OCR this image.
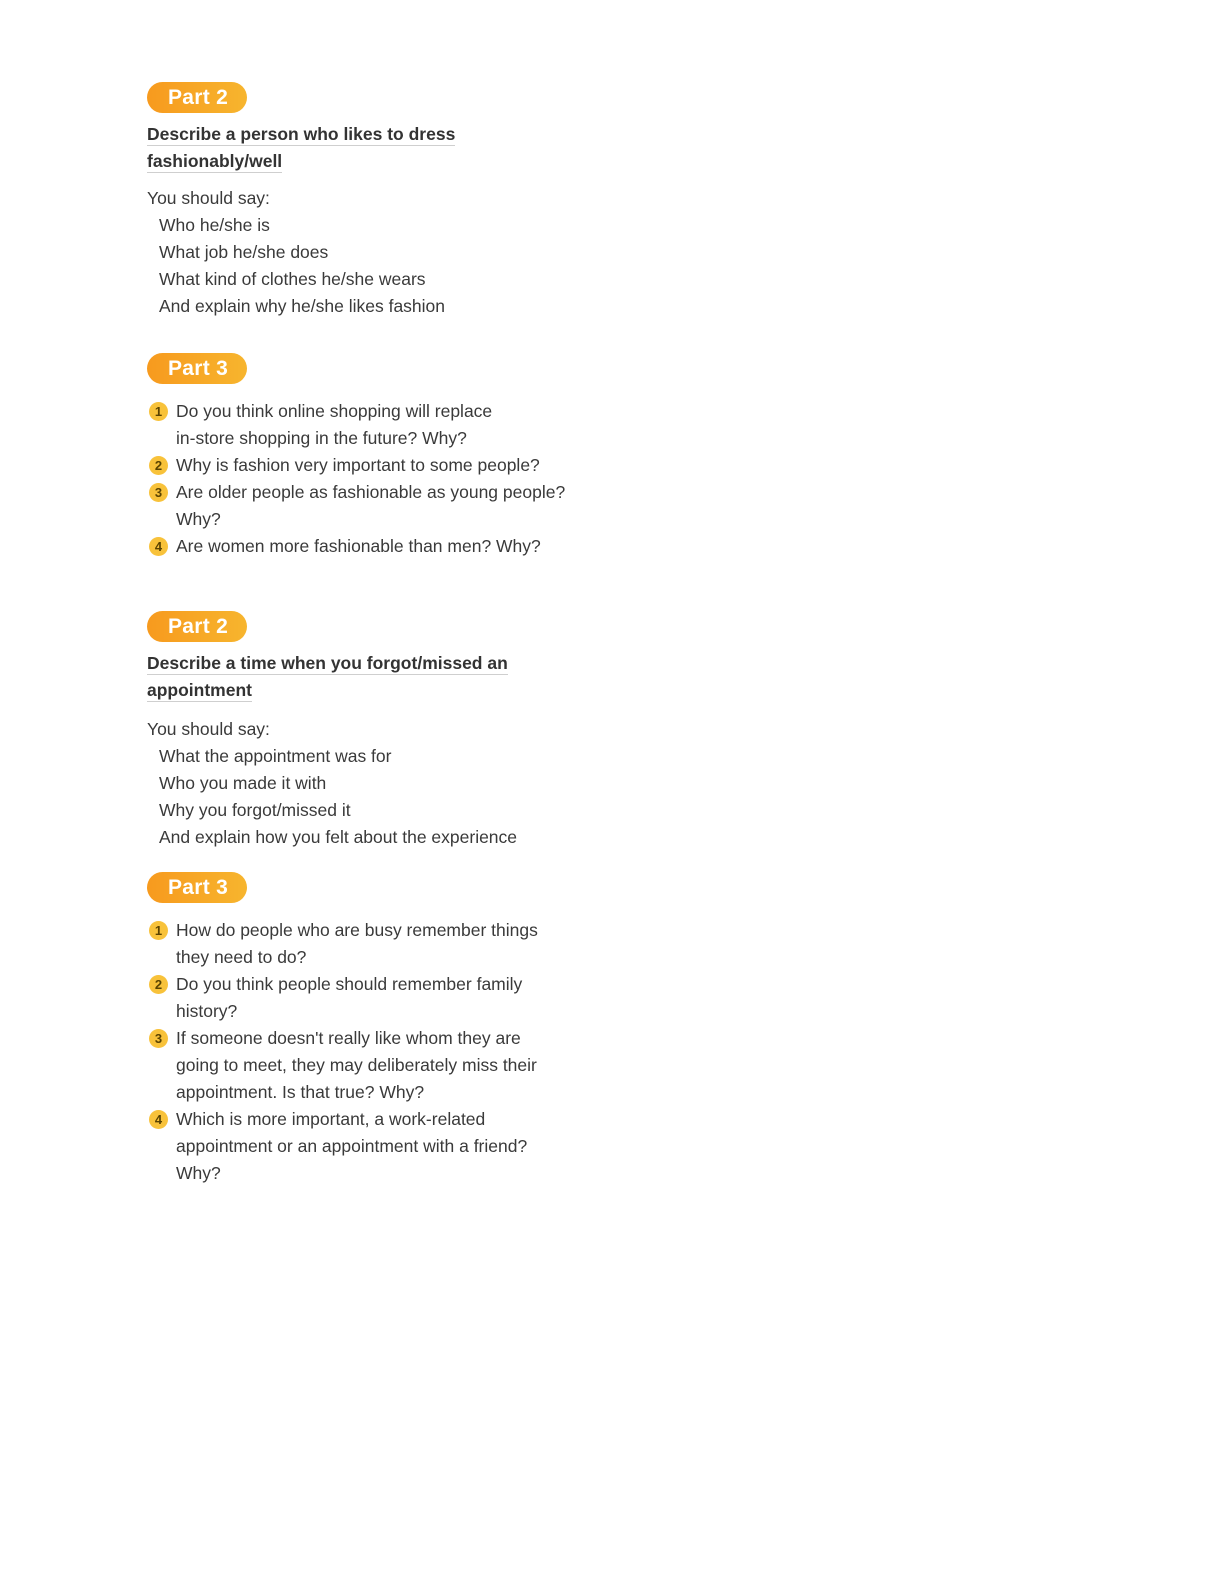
Part 2
Describe a person who likes to dress
fashionably/well
You should say:
Who he/she is
What job he/she does
What kind of clothes he/she wears
And explain why he/she likes fashion
Part 3
1 Do you think online shopping will replace
in-store shopping in the future? Why?
2 Why is fashion very important to some people?
3 Are older people as fashionable as young people?
Why?
4 Are women more fashionable than men? Why?
Part 2
Describe a time when you forgot/missed an
appointment
You should say:
What the appointment was for
Who you made it with
Why you forgot/missed it
And explain how you felt about the experience
Part 3
1 How do people who are busy remember things
they need to do?
2 Do you think people should remember family
history?
3 If someone doesn't really like whom they are
going to meet, they may deliberately miss their
appointment. Is that true? Why?
4 Which is more important, a work-related
appointment or an appointment with a friend?
Why?
